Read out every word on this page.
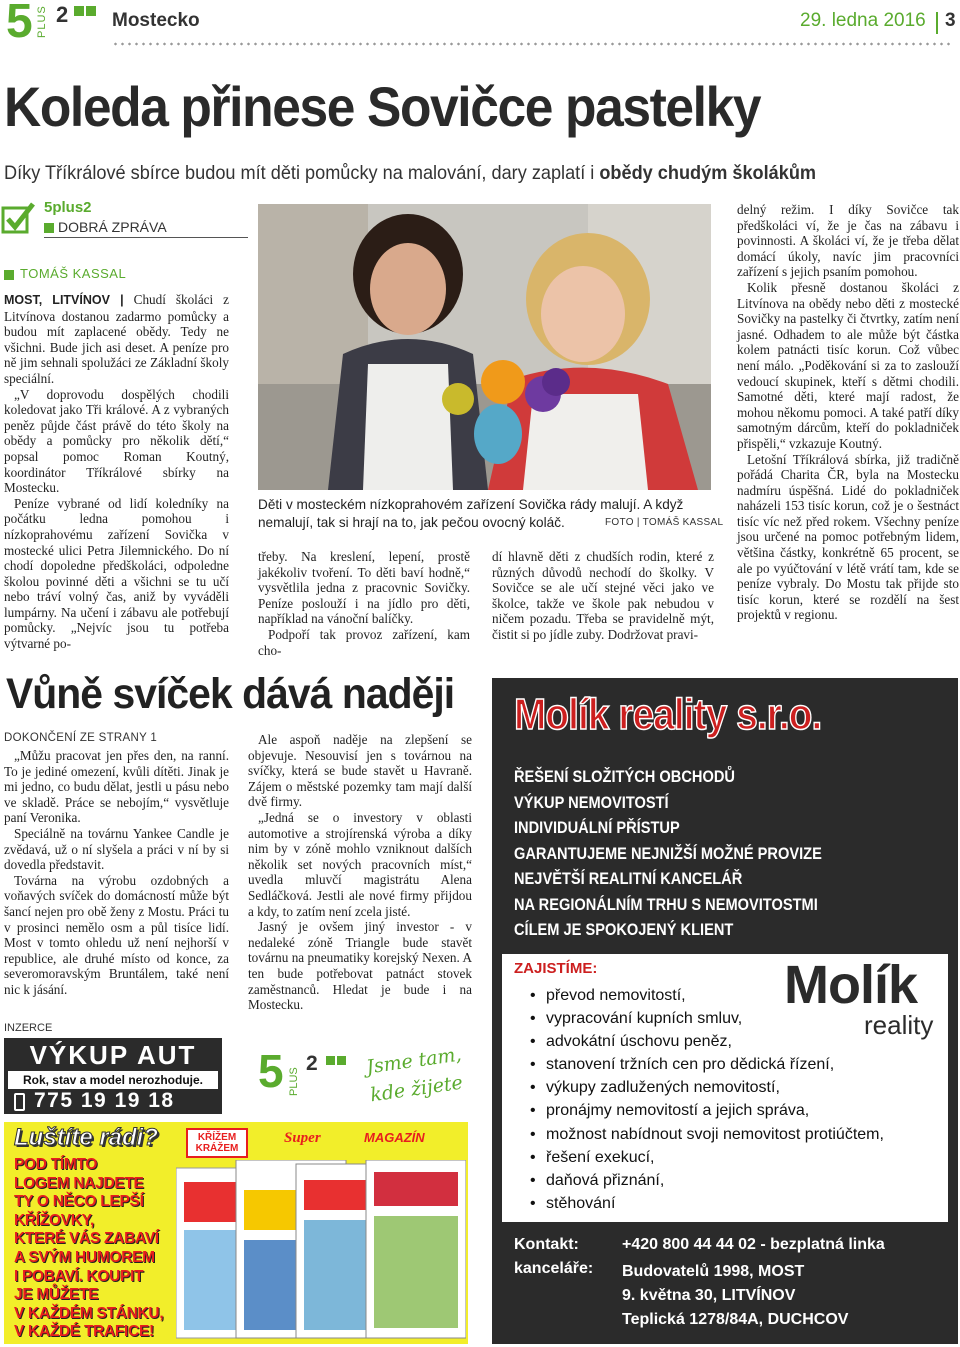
5 PLUS 2 Mostecko	29. ledna 2016 3
Koleda přinese Sovičce pastelky
Díky Tříkrálové sbírce budou mít děti pomůcky na malování, dary zaplatí i obědy chudým školákům
5plus2
DOBRÁ ZPRÁVA
TOMÁŠ KASSAL

MOST, LITVÍNOV | Chudí školáci z Litvínova dostanou zadarmo pomůcky a budou mít zaplacené obědy. Tedy ne všichni. Bude jich asi deset. A peníze pro ně jim sehnali spolužáci ze Základní školy speciální.

„V doprovodu dospělých chodili koledovat jako Tři králové. A z vybraných peněz půjde část právě do této školy na obědy a pomůcky pro několik dětí,“ popsal pomoc Roman Koutný, koordinátor Tříkrálové sbírky na Mostecku.

Peníze vybrané od lidí koledníky na počátku ledna pomohou i nízkoprahovému zařízení Sovička v mostecké ulici Petra Jilemnického. Do ní chodí dopoledne předškoláci, odpoledne školou povinné děti a všichni se tu učí nebo tráví volný čas, aniž by vyváděli lumpárny. Na učení i zábavu ale potřebují pomůcky. „Nejvíc jsou tu potřeba výtvarné po-

Děti v mosteckém nízkoprahovém zařízení Sovička rády malují. A když nemalují, tak si hrají na to, jak pečou ovocný koláč.	FOTO | TOMÁŠ KASSAL

třeby. Na kreslení, lepení, prostě jakékoliv tvoření. To děti baví hodně,“ vysvětlila jedna z pracovnic Sovičky. Peníze poslouží i na jídlo pro děti, například na vánoční balíčky.

Podpoří tak provoz zařízení, kam cho-

dí hlavně děti z chudších rodin, které z různých důvodů nechodí do školky. V Sovičce se ale učí stejné věci jako ve školce, takže ve škole pak nebudou v ničem pozadu. Třeba se pravidelně mýt, čistit si po jídle zuby. Dodržovat pravi-

delný režim. I díky Sovičce tak předškoláci ví, že je čas na zábavu i povinnosti. A školáci ví, že je třeba dělat domácí úkoly, navíc jim pracovníci zařízení s jejich psaním pomohou.

Kolik přesně dostanou školáci z Litvínova na obědy nebo děti z mostecké Sovičky na pastelky či čtvrtky, zatím není jasné. Odhadem to ale může být částka kolem patnácti tisíc korun. Což vůbec není málo. „Poděkování si za to zaslouží vedoucí skupinek, kteří s dětmi chodili. Samotné děti, které mají radost, že mohou někomu pomoci. A také patří díky samotným dárcům, kteří do pokladniček přispěli,“ vzkazuje Koutný.

Letošní Tříkrálová sbírka, již tradičně pořádá Charita ČR, byla na Mostecku nadmíru úspěšná. Lidé do pokladniček naházeli 153 tisíc korun, což je o šestnáct tisíc víc než před rokem. Všechny peníze jsou určené na pomoc potřebným lidem, většina částky, konkrétně 65 procent, se ale po vyúčtování v létě vrátí tam, kde se peníze vybraly. Do Mostu tak přijde sto tisíc korun, které se rozdělí na šest projektů v regionu.

Vůně svíček dává naději
DOKONČENÍ ZE STRANY 1

„Můžu pracovat jen přes den, na ranní. To je jediné omezení, kvůli dítěti. Jinak je mi jedno, co budu dělat, jestli u pásu nebo ve skladě. Práce se nebojím,“ vysvětluje paní Veronika.

Speciálně na továrnu Yankee Candle je zvědavá, už o ní slyšela a práci v ní by si dovedla představit.

Továrna na výrobu ozdobných a voňavých svíček do domácností může být šancí nejen pro obě ženy z Mostu. Práci tu v prosinci nemělo osm a půl tisíce lidí. Most v tomto ohledu už není nejhorší v republice, ale druhé místo od konce, za severomoravským Bruntálem, také není nic k jásání.

Ale aspoň naděje na zlepšení se objevuje. Nesouvisí jen s továrnou na svíčky, která se bude stavět u Havraně. Zájem o městské pozemky tam mají další dvě firmy.

„Jedná se o investory v oblasti automotive a strojírenská výroba a díky nim by v zóně mohlo vzniknout dalších několik set nových pracovních míst,“ uvedla mluvčí magistrátu Alena Sedláčková. Jestli ale nové firmy přijdou a kdy, to zatím není zcela jisté.

Jasný je ovšem jiný investor - v nedaleké zóně Triangle bude stavět továrnu na pneumatiky korejský Nexen. A ten bude potřebovat patnáct stovek zaměstnanců. Hledat je bude i na Mostecku.

INZERCE
VÝKUP AUT
Rok, stav a model nerozhoduje.
775 19 19 18
5 PLUS
2 Jsme tam,
kde žijete
Luštíte rádi?
POD TÍMTO
LOGEM NAJDETE
TY O NĚCO LEPŠÍ
KŘÍŽOVKY,
KTERÉ VÁS ZABAVÍ
A SVÝM HUMOREM
I POBAVÍ. KOUPIT
JE MŮŽETE
V KAŽDÉM STÁNKU,
V KAŽDÉ TRAFICE!
KŘÍŽEM KRÁŽEM
Super	MAGAZÍN
Molík reality s.r.o.
ŘEŠENÍ SLOŽITÝCH OBCHODŮ
VÝKUP NEMOVITOSTÍ
INDIVIDUÁLNÍ PŘÍSTUP
GARANTUJEME NEJNIŽŠÍ MOŽNÉ PROVIZE
NEJVĚTŠÍ REALITNÍ KANCELÁŘ
NA REGIONÁLNÍM TRHU S NEMOVITOSTMI
CÍLEM JE SPOKOJENÝ KLIENT
ZAJISTÍME:	Molík
reality
• převod nemovitostí,
• vypracování kupních smluv,
• advokátní úschovu peněz,
• stanovení tržních cen pro dědická řízení,
• výkupy zadlužených nemovitostí,
• pronájmy nemovitostí a jejich správa,
• možnost nabídnout svoji nemovitost protiúčtem,
• řešení exekucí,
• daňová přiznání,
• stěhování
Kontakt:	+420 800 44 44 02 - bezplatná linka
kanceláře: Budovatelů 1998, MOST
9. května 30, LITVÍNOV
Teplická 1278/84A, DUCHCOV
